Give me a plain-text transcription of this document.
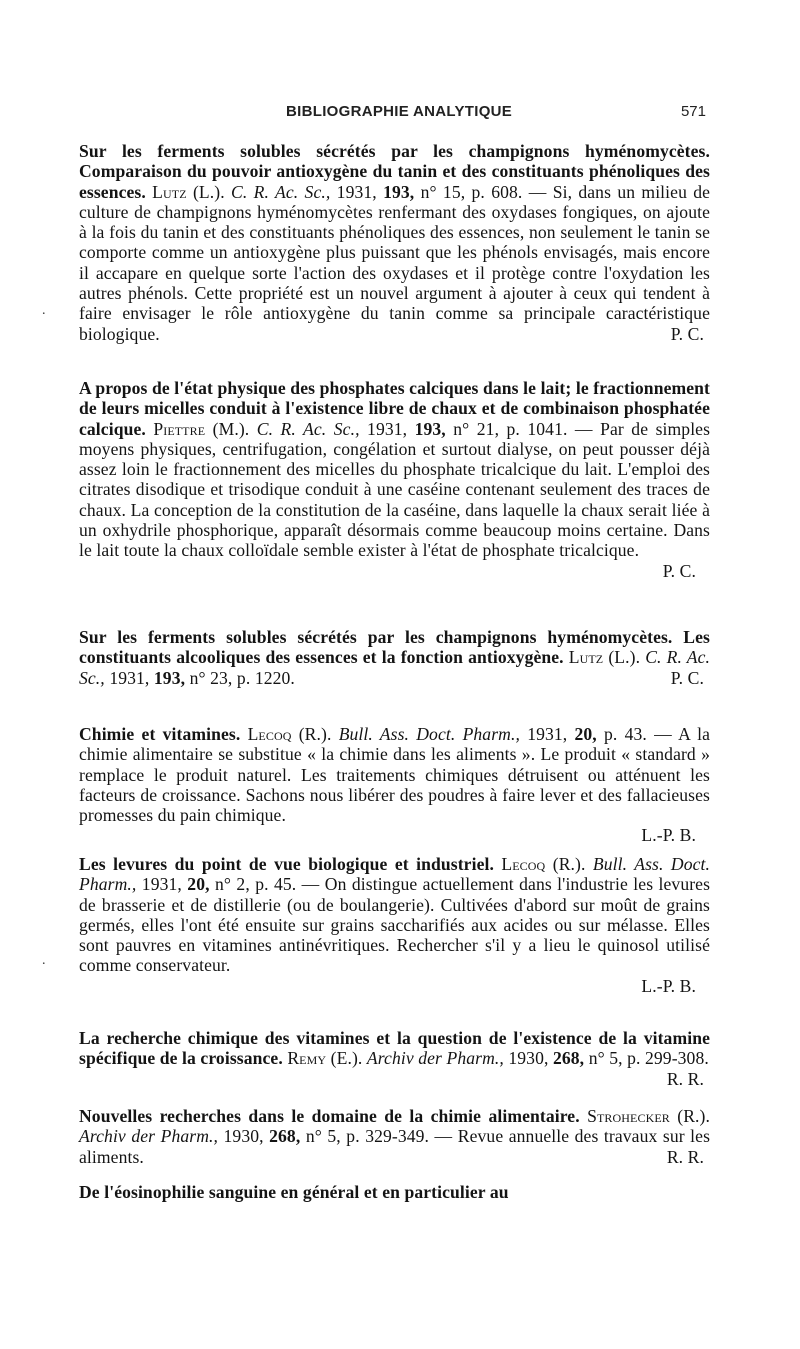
BIBLIOGRAPHIE ANALYTIQUE	571
Sur les ferments solubles sécrétés par les champignons hyménomycètes. Comparaison du pouvoir antioxygène du tanin et des constituants phénoliques des essences. Lutz (L.). C. R. Ac. Sc., 1931, 193, n° 15, p. 608. — Si, dans un milieu de culture de champignons hyménomycètes renfermant des oxydases fongiques, on ajoute à la fois du tanin et des constituants phénoliques des essences, non seulement le tanin se comporte comme un antioxygène plus puissant que les phénols envisagés, mais encore il accapare en quelque sorte l'action des oxydases et il protège contre l'oxydation les autres phénols. Cette propriété est un nouvel argument à ajouter à ceux qui tendent à faire envisager le rôle antioxygène du tanin comme sa principale caractéristique biologique.	P. C.
A propos de l'état physique des phosphates calciques dans le lait; le fractionnement de leurs micelles conduit à l'existence libre de chaux et de combinaison phosphatée calcique. Piettre (M.). C. R. Ac. Sc., 1931, 193, n° 21, p. 1041. — Par de simples moyens physiques, centrifugation, congélation et surtout dialyse, on peut pousser déjà assez loin le fractionnement des micelles du phosphate tricalcique du lait. L'emploi des citrates disodique et trisodique conduit à une caséine contenant seulement des traces de chaux. La conception de la constitution de la caséine, dans laquelle la chaux serait liée à un oxhydrile phosphorique, apparaît désormais comme beaucoup moins certaine. Dans le lait toute la chaux colloïdale semble exister à l'état de phosphate tricalcique.
P. C.
Sur les ferments solubles sécrétés par les champignons hyménomycètes. Les constituants alcooliques des essences et la fonction antioxygène. Lutz (L.). C. R. Ac. Sc., 1931, 193, n° 23, p. 1220.	P. C.
Chimie et vitamines. Lecoq (R.). Bull. Ass. Doct. Pharm., 1931, 20, p. 43. — A la chimie alimentaire se substitue « la chimie dans les aliments ». Le produit « standard » remplace le produit naturel. Les traitements chimiques détruisent ou atténuent les facteurs de croissance. Sachons nous libérer des poudres à faire lever et des fallacieuses promesses du pain chimique.
L.-P. B.
Les levures du point de vue biologique et industriel. Lecoq (R.). Bull. Ass. Doct. Pharm., 1931, 20, n° 2, p. 45. — On distingue actuellement dans l'industrie les levures de brasserie et de distillerie (ou de boulangerie). Cultivées d'abord sur moût de grains germés, elles l'ont été ensuite sur grains saccharifiés aux acides ou sur mélasse. Elles sont pauvres en vitamines antinévritiques. Rechercher s'il y a lieu le quinosol utilisé comme conservateur.
L.-P. B.
La recherche chimique des vitamines et la question de l'existence de la vitamine spécifique de la croissance. Remy (E.). Archiv der Pharm., 1930, 268, n° 5, p. 299-308.
R. R.
Nouvelles recherches dans le domaine de la chimie alimentaire. Strohecker (R.). Archiv der Pharm., 1930, 268, n° 5, p. 329-349. — Revue annuelle des travaux sur les aliments.	R. R.
De l'éosinophilie sanguine en général et en particulier au
.
.
